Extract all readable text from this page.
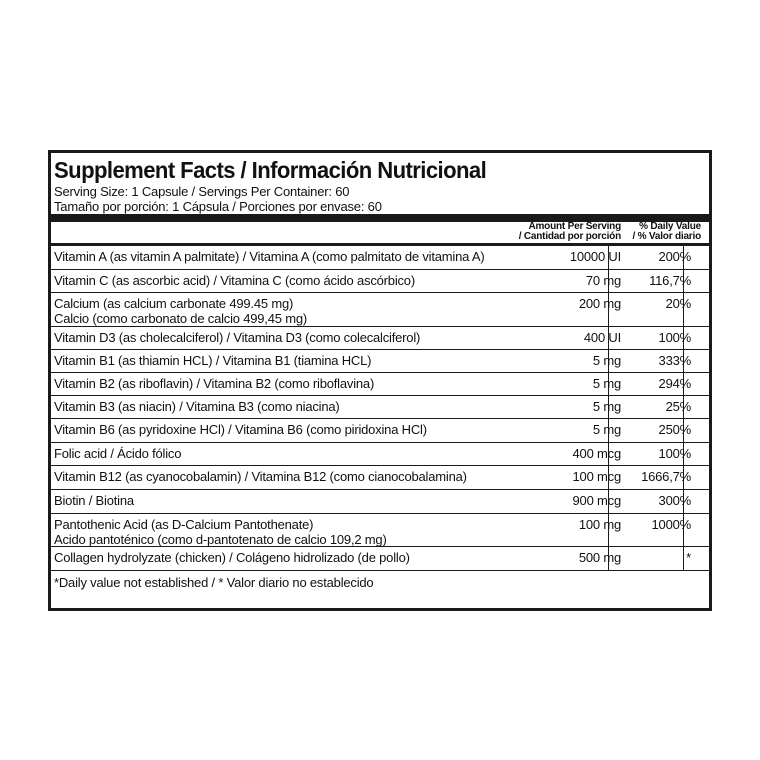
Supplement Facts / Información Nutricional
Serving Size: 1 Capsule / Servings Per Container: 60
Tamaño por porción: 1 Cápsula / Porciones por envase: 60
Amount Per Serving
/ Cantidad por porción
% Daily Value
/ % Valor diario
Vitamin A (as vitamin A palmitate) / Vitamina A (como palmitato de vitamina A)	10000 UI	200%
Vitamin C (as ascorbic acid) / Vitamina C (como ácido ascórbico)	70 mg 116,7%
Calcium (as calcium carbonate 499.45 mg)
Calcio (como carbonato de calcio 499,45 mg)
200 mg	20%
Vitamin D3 (as cholecalciferol) / Vitamina D3 (como colecalciferol)	400 UI	100%
Vitamin B1 (as thiamin HCL) / Vitamina B1 (tiamina HCL)	5 mg	333%
Vitamin B2 (as riboflavin) / Vitamina B2 (como riboflavina)	5 mg	294%
Vitamin B3 (as niacin) / Vitamina B3 (como niacina)	5 mg	25%
Vitamin B6 (as pyridoxine HCl) / Vitamina B6 (como piridoxina HCl)	5 mg	250%
Folic acid / Ácido fólico	400 mcg	100%
Vitamin B12 (as cyanocobalamin) / Vitamina B12 (como cianocobalamina)	100 mcg 1666,7%
Biotin / Biotina	900 mcg	300%
Pantothenic Acid (as D-Calcium Pantothenate)
Acido pantoténico (como d-pantotenato de calcio 109,2 mg)
100 mg 1000%
Collagen hydrolyzate (chicken) / Colágeno hidrolizado (de pollo)	500 mg	*
*Daily value not established / * Valor diario no establecido
